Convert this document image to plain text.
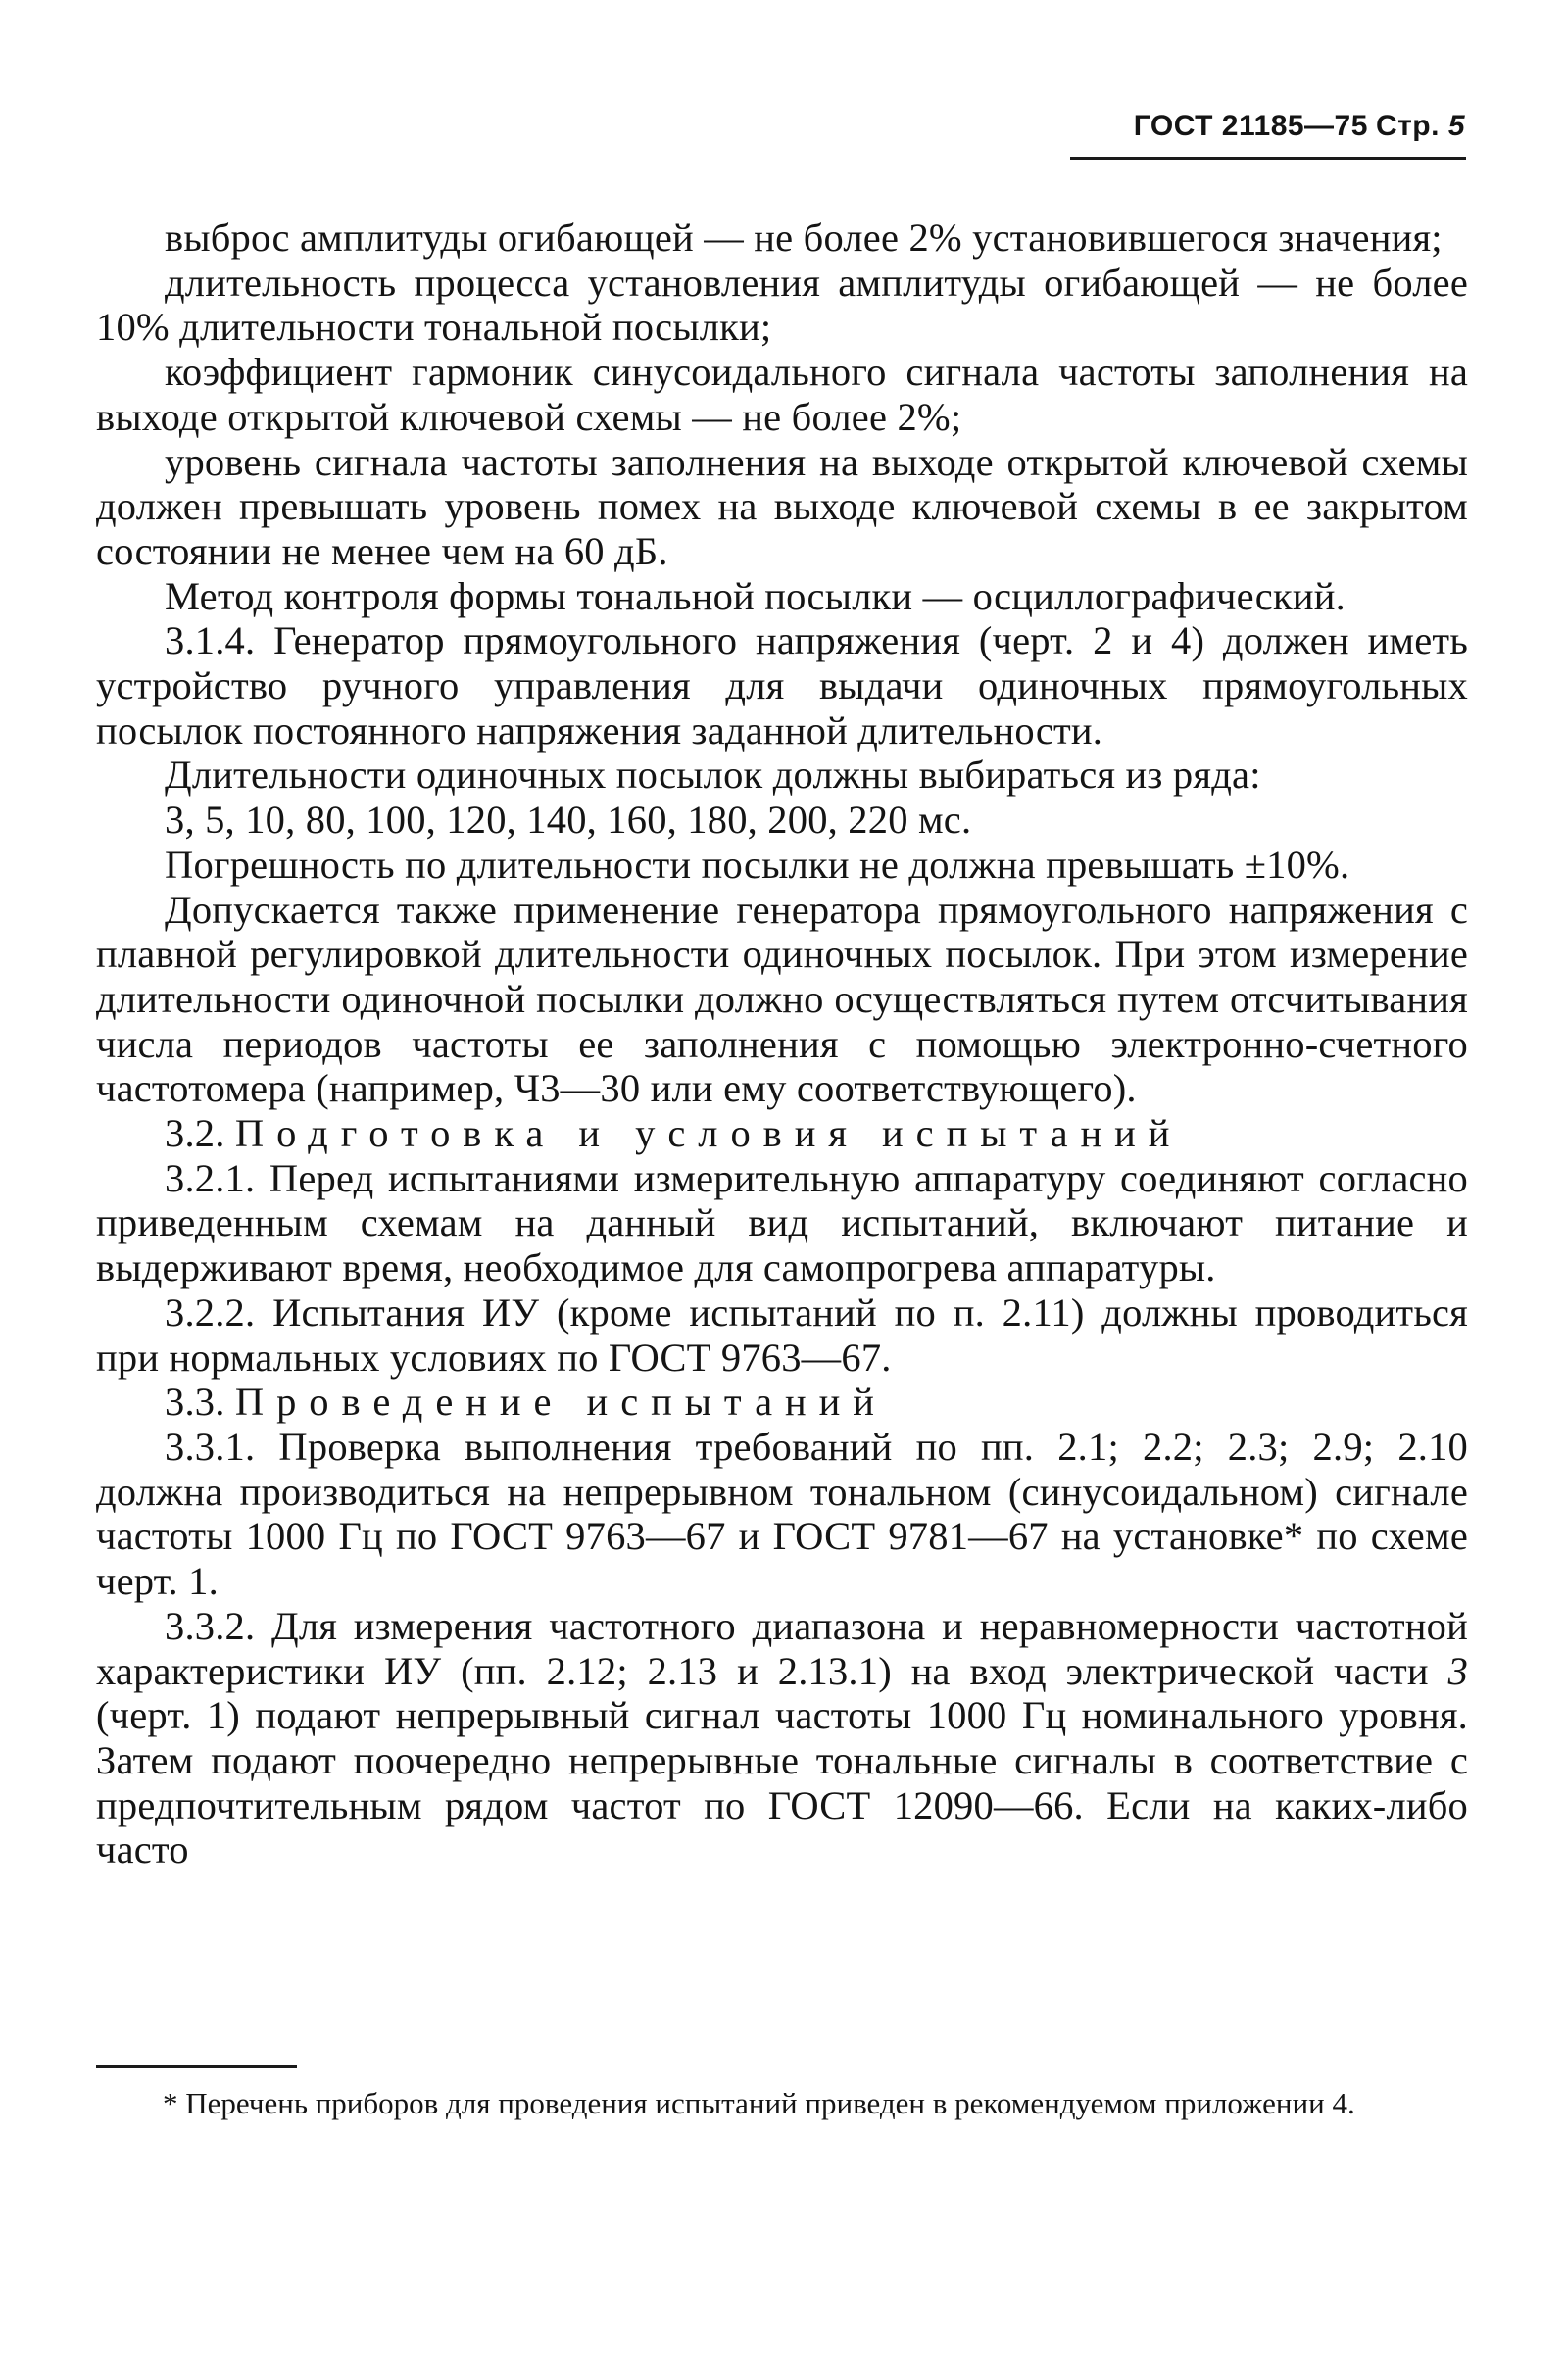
ГОСТ 21185—75 Стр. 5

выброс амплитуды огибающей — не более 2% установившегося значения;

длительность процесса установления амплитуды огибающей — не более 10% длительности тональной посылки;

коэффициент гармоник синусоидального сигнала частоты заполнения на выходе открытой ключевой схемы — не более 2%;

уровень сигнала частоты заполнения на выходе открытой ключевой схемы должен превышать уровень помех на выходе ключевой схемы в ее закрытом состоянии не менее чем на 60 дБ.

Метод контроля формы тональной посылки — осциллографический.

3.1.4. Генератор прямоугольного напряжения (черт. 2 и 4) должен иметь устройство ручного управления для выдачи одиночных прямоугольных посылок постоянного напряжения заданной длительности.

Длительности одиночных посылок должны выбираться из ряда:

3, 5, 10, 80, 100, 120, 140, 160, 180, 200, 220 мс.

Погрешность по длительности посылки не должна превышать ±10%.

Допускается также применение генератора прямоугольного напряжения с плавной регулировкой длительности одиночных посылок. При этом измерение длительности одиночной посылки должно осуществляться путем отсчитывания числа периодов частоты ее заполнения с помощью электронно-счетного частотомера (например, Ч3—30 или ему соответствующего).

3.2. Подготовка и условия испытаний

3.2.1. Перед испытаниями измерительную аппаратуру соединяют согласно приведенным схемам на данный вид испытаний, включают питание и выдерживают время, необходимое для самопрогрева аппаратуры.

3.2.2. Испытания ИУ (кроме испытаний по п. 2.11) должны проводиться при нормальных условиях по ГОСТ 9763—67.

3.3. Проведение испытаний

3.3.1. Проверка выполнения требований по пп. 2.1; 2.2; 2.3; 2.9; 2.10 должна производиться на непрерывном тональном (синусоидальном) сигнале частоты 1000 Гц по ГОСТ 9763—67 и ГОСТ 9781—67 на установке* по схеме черт. 1.

3.3.2. Для измерения частотного диапазона и неравномерности частотной характеристики ИУ (пп. 2.12; 2.13 и 2.13.1) на вход электрической части 3 (черт. 1) подают непрерывный сигнал частоты 1000 Гц номинального уровня. Затем подают поочередно непрерывные тональные сигналы в соответствие с предпочтительным рядом частот по ГОСТ 12090—66. Если на каких-либо часто

* Перечень приборов для проведения испытаний приведен в рекомендуемом приложении 4.
